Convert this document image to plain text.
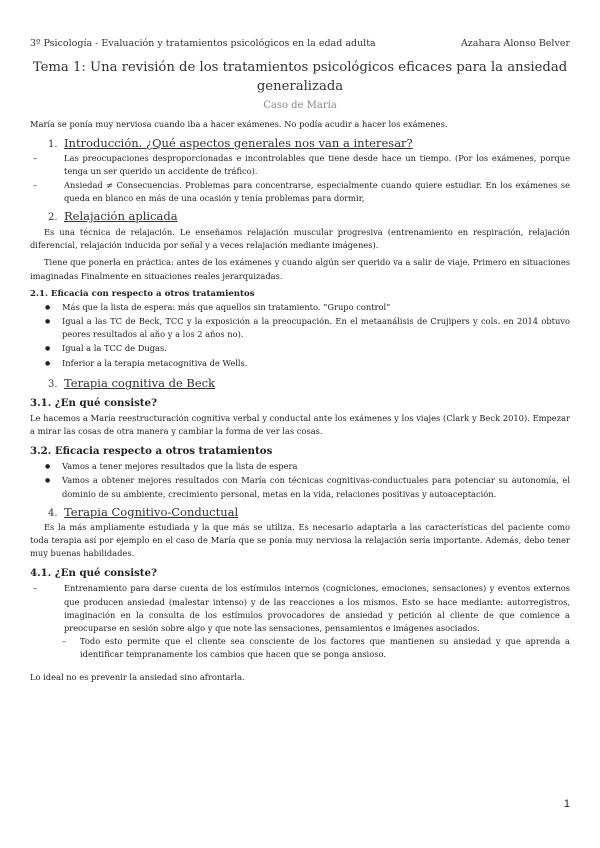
3º Psicología - Evaluación y tratamientos psicológicos en la edad adulta	Azahara Alonso Belver
Tema 1: Una revisión de los tratamientos psicológicos eficaces para la ansiedad generalizada
Caso de María

María se ponía muy nerviosa cuando iba a hacer exámenes. No podía acudir a hacer los exámenes.

1. Introducción. ¿Qué aspectos generales nos van a interesar?
– Las preocupaciones desproporcionadas e incontrolables que tiene desde hace un tiempo. (Por los exámenes, porque tenga un ser querido un accidente de tráfico).
– Ansiedad ≠ Consecuencias. Problemas para concentrarse, especialmente cuando quiere estudiar. En los exámenes se queda en blanco en más de una ocasión y tenía problemas para dormir,
2. Relajación aplicada

Es una técnica de relajación. Le enseñamos relajación muscular progresiva (entrenamiento en respiración, relajación diferencial, relajación inducida por señal y a veces relajación mediante imágenes).

Tiene que ponerla en práctica: antes de los exámenes y cuando algún ser querido va a salir de viaje. Primero en situaciones imaginadas Finalmente en situaciones reales jerarquizadas.

2.1. Eficacia con respecto a otros tratamientos
● Más que la lista de espera: más que aquellos sin tratamiento. “Grupo control”
● Igual a las TC de Beck, TCC y la exposición a la preocupación. En el metaanálisis de Crujipers y cols. en 2014 obtuvo peores resultados al año y a los 2 años no).
● Igual a la TCC de Dugas.
● Inferior a la terapia metacognitiva de Wells.
3. Terapia cognitiva de Beck
3.1. ¿En qué consiste?

Le hacemos a María reestructuración cognitiva verbal y conductal ante los exámenes y los viajes (Clark y Beck 2010). Empezar a mirar las cosas de otra manera y cambiar la forma de ver las cosas.

3.2. Eficacia respecto a otros tratamientos
● Vamos a tener mejores resultados que la lista de espera
● Vamos a obtener mejores resultados con María con técnicas cognitivas-conductuales para potenciar su autonomía, el dominio de su ambiente, crecimiento personal, metas en la vida, relaciones positivas y autoaceptación.
4. Terapia Cognitivo-Conductual

Es la más ampliamente estudiada y la que más se utiliza. Es necesario adaptarla a las características del paciente como toda terapia así por ejemplo en el caso de María que se ponía muy nerviosa la relajación sería importante. Además, debo tener muy buenas habilidades.

4.1. ¿En qué consiste?
– Entrenamiento para darse cuenta de los estímulos internos (cogniciones, emociones, sensaciones) y eventos externos que producen ansiedad (malestar intenso) y de las reacciones a los mismos. Esto se hace mediante: autorregistros, imaginación en la consulta de los estímulos provocadores de ansiedad y petición al cliente de que comience a preocuparse en sesión sobre algo y que note las sensaciones, pensamientos e imágenes asociados.
– Todo esto permite que el cliente sea consciente de los factores que mantienen su ansiedad y que aprenda a identificar tempranamente los cambios que hacen que se ponga ansioso.

Lo ideal no es prevenir la ansiedad sino afrontarla.

1
